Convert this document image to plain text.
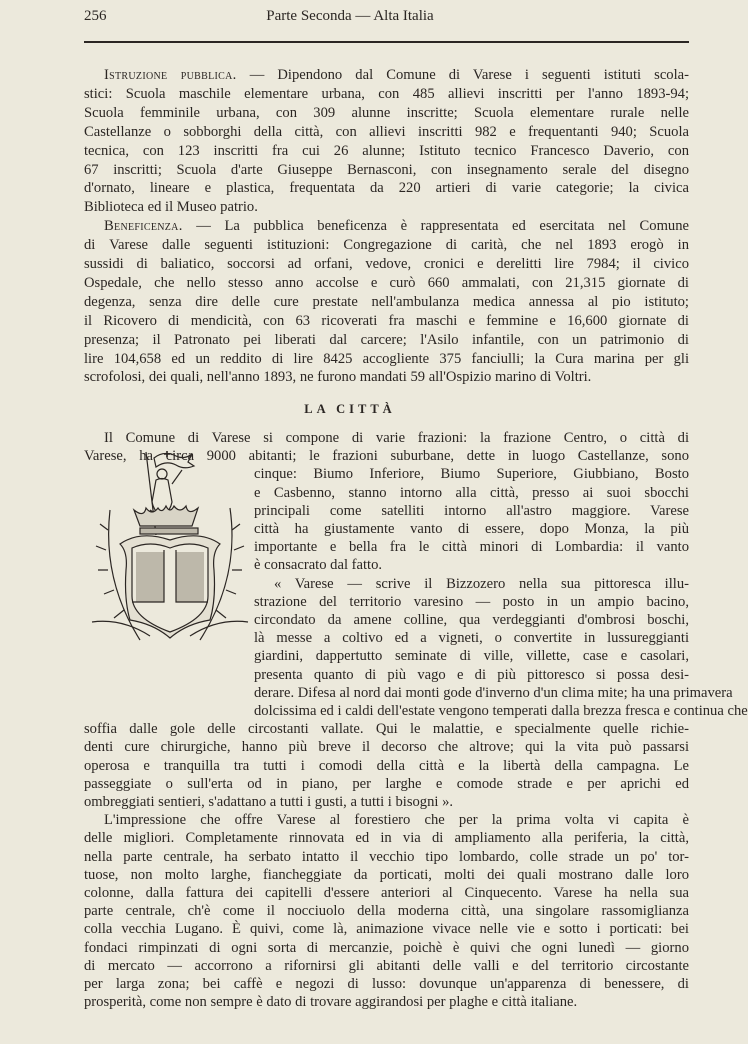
256	Parte Seconda — Alta Italia
Istruzione pubblica. — Dipendono dal Comune di Varese i seguenti istituti scola-
stici: Scuola maschile elementare urbana, con 485 allievi inscritti per l'anno 1893-94;
Scuola femminile urbana, con 309 alunne inscritte; Scuola elementare rurale nelle
Castellanze o sobborghi della città, con allievi inscritti 982 e frequentanti 940; Scuola
tecnica, con 123 inscritti fra cui 26 alunne; Istituto tecnico Francesco Daverio, con
67 inscritti; Scuola d'arte Giuseppe Bernasconi, con insegnamento serale del disegno
d'ornato, lineare e plastica, frequentata da 220 artieri di varie categorie; la civica
Biblioteca ed il Museo patrio.
Beneficenza. — La pubblica beneficenza è rappresentata ed esercitata nel Comune
di Varese dalle seguenti istituzioni: Congregazione di carità, che nel 1893 erogò in
sussidi di baliatico, soccorsi ad orfani, vedove, cronici e derelitti lire 7984; il civico
Ospedale, che nello stesso anno accolse e curò 660 ammalati, con 21,315 giornate di
degenza, senza dire delle cure prestate nell'ambulanza medica annessa al pio istituto;
il Ricovero di mendicità, con 63 ricoverati fra maschi e femmine e 16,600 giornate di
presenza; il Patronato pei liberati dal carcere; l'Asilo infantile, con un patrimonio di
lire 104,658 ed un reddito di lire 8425 accogliente 375 fanciulli; la Cura marina per gli
scrofolosi, dei quali, nell'anno 1893, ne furono mandati 59 all'Ospizio marino di Voltri.
Il Comune di Varese si compone di varie frazioni: la frazione Centro, o città di
Varese, ha circa 9000 abitanti; le frazioni suburbane, dette in luogo Castellanze, sono
cinque: Biumo Inferiore, Biumo Superiore, Giubbiano, Bosto
e Casbenno, stanno intorno alla città, presso ai suoi sbocchi
principali come satelliti intorno all'astro maggiore. Varese
città ha giustamente vanto di essere, dopo Monza, la più
importante e bella fra le città minori di Lombardia: il vanto
è consacrato dal fatto.
« Varese — scrive il Bizzozero nella sua pittoresca illu-
strazione del territorio varesino — posto in un ampio bacino,
circondato da amene colline, qua verdeggianti d'ombrosi boschi,
là messe a coltivo ed a vigneti, o convertite in lussureggianti
giardini, dappertutto seminate di ville, villette, case e casolari,
presenta quanto di più vago e di più pittoresco si possa desi-
derare. Difesa al nord dai monti gode d'inverno d'un clima mite; ha una primavera
dolcissima ed i caldi dell'estate vengono temperati dalla brezza fresca e continua che
soffia dalle gole delle circostanti vallate. Qui le malattie, e specialmente quelle richie-
denti cure chirurgiche, hanno più breve il decorso che altrove; qui la vita può passarsi
operosa e tranquilla tra tutti i comodi della città e la libertà della campagna. Le
passeggiate o sull'erta od in piano, per larghe e comode strade e per aprichi ed
ombreggiati sentieri, s'adattano a tutti i gusti, a tutti i bisogni ».
L'impressione che offre Varese al forestiero che per la prima volta vi capita è
delle migliori. Completamente rinnovata ed in via di ampliamento alla periferia, la città,
nella parte centrale, ha serbato intatto il vecchio tipo lombardo, colle strade un po' tor-
tuose, non molto larghe, fiancheggiate da porticati, molti dei quali mostrano dalle loro
colonne, dalla fattura dei capitelli d'essere anteriori al Cinquecento. Varese ha nella sua
parte centrale, ch'è come il nocciuolo della moderna città, una singolare rassomiglianza
colla vecchia Lugano. È quivi, come là, animazione vivace nelle vie e sotto i porticati: bei
fondaci rimpinzati di ogni sorta di mercanzie, poichè è quivi che ogni lunedì — giorno
di mercato — accorrono a rifornirsi gli abitanti delle valli e del territorio circostante
per larga zona; bei caffè e negozi di lusso: dovunque un'apparenza di benessere, di
prosperità, come non sempre è dato di trovare aggirandosi per plaghe e città italiane.
LA CITTÀ
